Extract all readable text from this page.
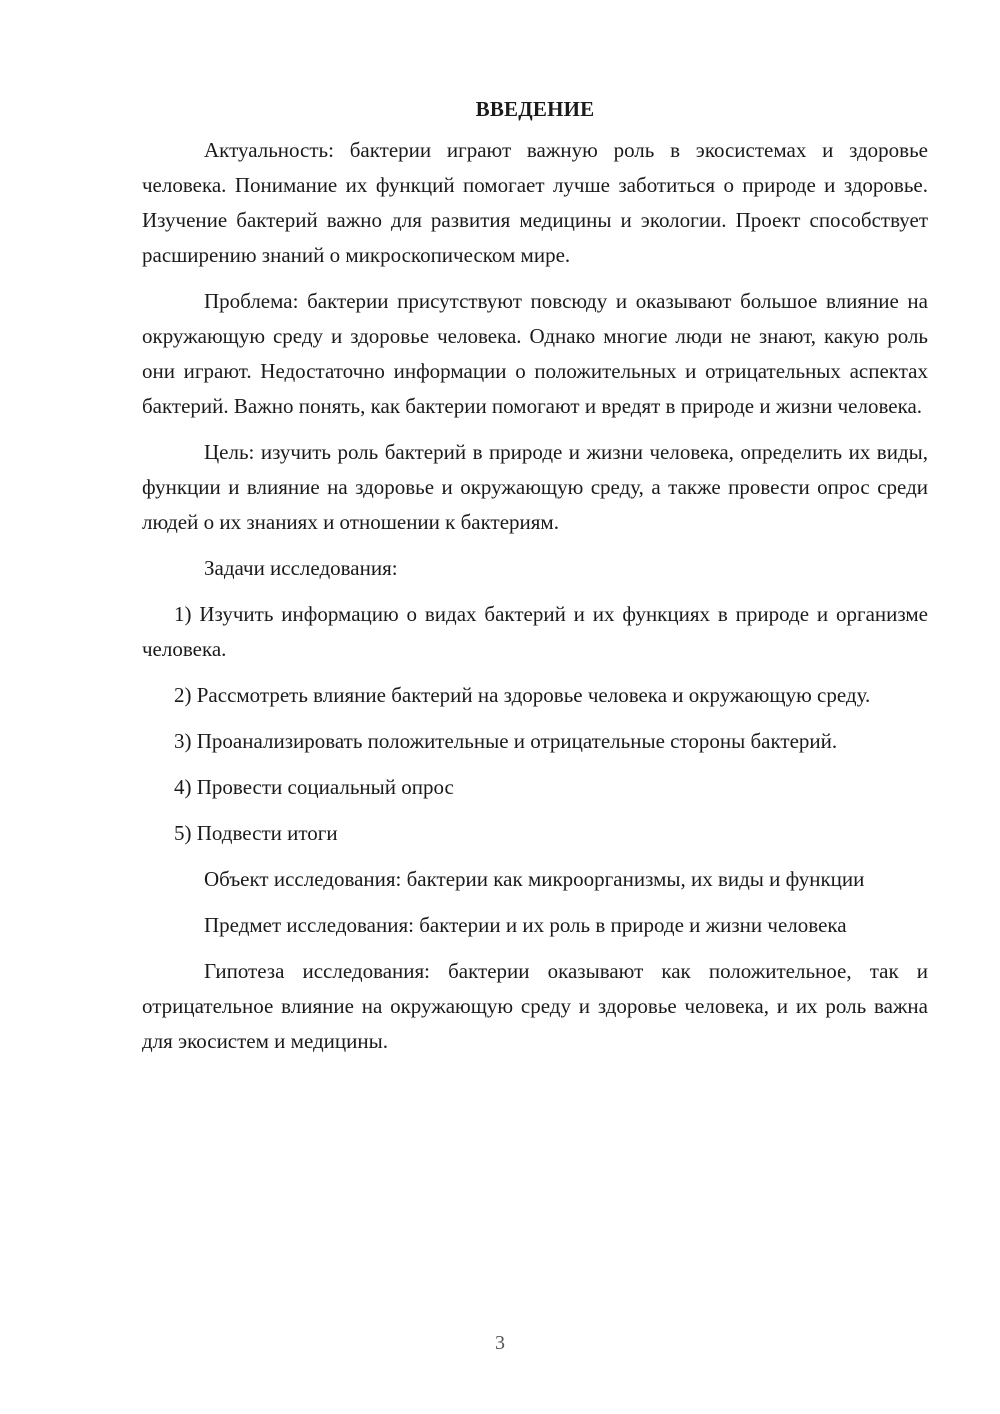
ВВЕДЕНИЕ

Актуальность: бактерии играют важную роль в экосистемах и здоровье человека. Понимание их функций помогает лучше заботиться о природе и здоровье. Изучение бактерий важно для развития медицины и экологии. Проект способствует расширению знаний о микроскопическом мире.

Проблема: бактерии присутствуют повсюду и оказывают большое влияние на окружающую среду и здоровье человека. Однако многие люди не знают, какую роль они играют. Недостаточно информации о положительных и отрицательных аспектах бактерий. Важно понять, как бактерии помогают и вредят в природе и жизни человека.

Цель: изучить роль бактерий в природе и жизни человека, определить их виды, функции и влияние на здоровье и окружающую среду, а также провести опрос среди людей о их знаниях и отношении к бактериям.

Задачи исследования:

1) Изучить информацию о видах бактерий и их функциях в природе и организме человека.

2) Рассмотреть влияние бактерий на здоровье человека и окружающую среду.

3) Проанализировать положительные и отрицательные стороны бактерий.

4) Провести социальный опрос

5) Подвести итоги

Объект исследования: бактерии как микроорганизмы, их виды и функции

Предмет исследования: бактерии и их роль в природе и жизни человека

Гипотеза исследования: бактерии оказывают как положительное, так и отрицательное влияние на окружающую среду и здоровье человека, и их роль важна для экосистем и медицины.

3
